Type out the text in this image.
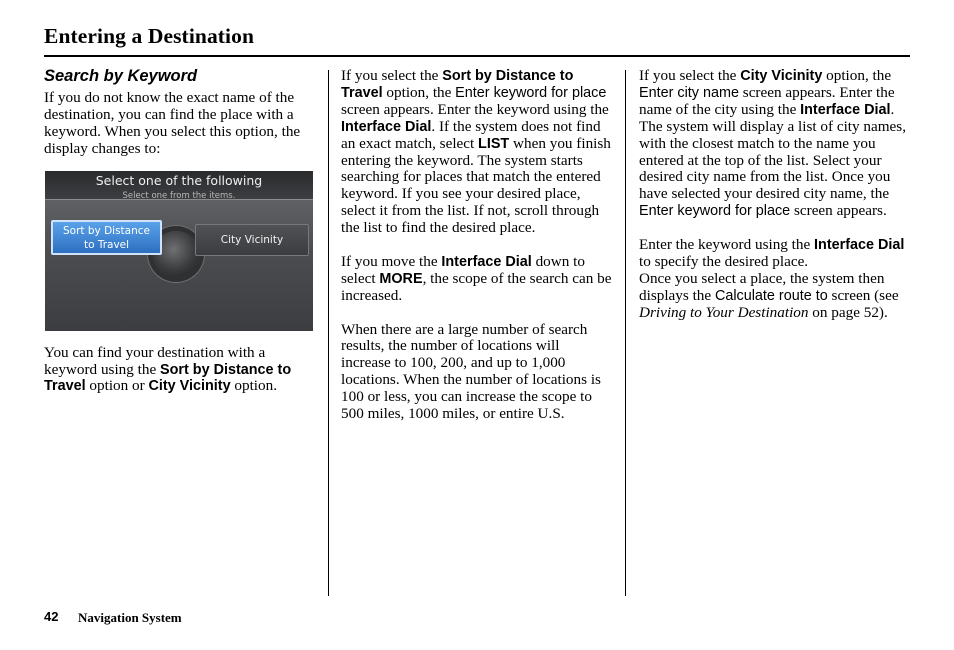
Entering a Destination
Search by Keyword

If you do not know the exact name of the destination, you can find the place with a keyword. When you select this option, the display changes to:

Select one of the following
Select one from the items.
Sort by Distance
to Travel	City Vicinity

You can find your destination with a keyword using the Sort by Distance to Travel option or City Vicinity option.

If you select the Sort by Distance to Travel option, the Enter keyword for place screen appears. Enter the keyword using the Interface Dial. If the system does not find an exact match, select LIST when you finish entering the keyword. The system starts searching for places that match the entered keyword. If you see your desired place, select it from the list. If not, scroll through the list to find the desired place.

If you move the Interface Dial down to select MORE, the scope of the search can be increased.

When there are a large number of search results, the number of locations will increase to 100, 200, and up to 1,000 locations. When the number of locations is 100 or less, you can increase the scope to 500 miles, 1000 miles, or entire U.S.

If you select the City Vicinity option, the Enter city name screen appears. Enter the name of the city using the Interface Dial. The system will display a list of city names, with the closest match to the name you entered at the top of the list. Select your desired city name from the list. Once you have selected your desired city name, the Enter keyword for place screen appears.

Enter the keyword using the Interface Dial to specify the desired place.

Once you select a place, the system then displays the Calculate route to screen (see Driving to Your Destination on page 52).

42 Navigation System
